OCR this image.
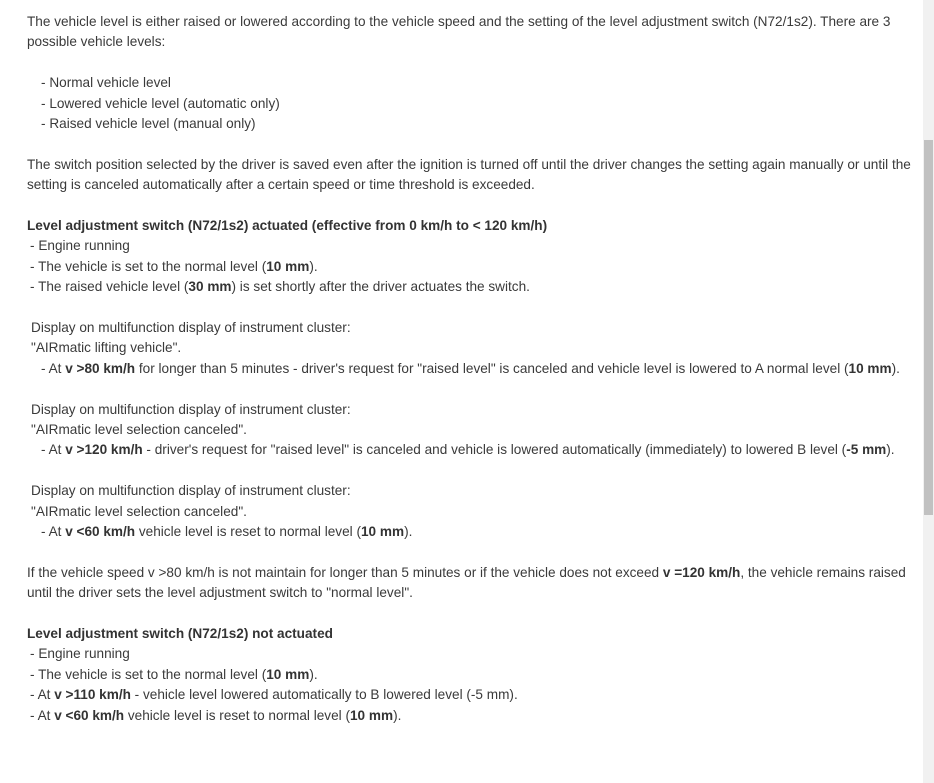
The vehicle level is either raised or lowered according to the vehicle speed and the setting of the level adjustment switch (N72/1s2). There are 3 possible vehicle levels:

- Normal vehicle level
- Lowered vehicle level (automatic only)
- Raised vehicle level (manual only)

The switch position selected by the driver is saved even after the ignition is turned off until the driver changes the setting again manually or until the setting is canceled automatically after a certain speed or time threshold is exceeded.

Level adjustment switch (N72/1s2) actuated (effective from 0 km/h to < 120 km/h)
- Engine running
- The vehicle is set to the normal level (10 mm).
- The raised vehicle level (30 mm) is set shortly after the driver actuates the switch.
Display on multifunction display of instrument cluster:
"AIRmatic lifting vehicle".
- At v >80 km/h for longer than 5 minutes - driver's request for "raised level" is canceled and vehicle level is lowered to A normal level (10 mm).
Display on multifunction display of instrument cluster:
"AIRmatic level selection canceled".
- At v >120 km/h - driver's request for "raised level" is canceled and vehicle is lowered automatically (immediately) to lowered B level (-5 mm).
Display on multifunction display of instrument cluster:
"AIRmatic level selection canceled".
- At v <60 km/h vehicle level is reset to normal level (10 mm).

If the vehicle speed v >80 km/h is not maintain for longer than 5 minutes or if the vehicle does not exceed v =120 km/h, the vehicle remains raised until the driver sets the level adjustment switch to "normal level".

Level adjustment switch (N72/1s2) not actuated
- Engine running
- The vehicle is set to the normal level (10 mm).
- At v >110 km/h - vehicle level lowered automatically to B lowered level (-5 mm).
- At v <60 km/h vehicle level is reset to normal level (10 mm).
